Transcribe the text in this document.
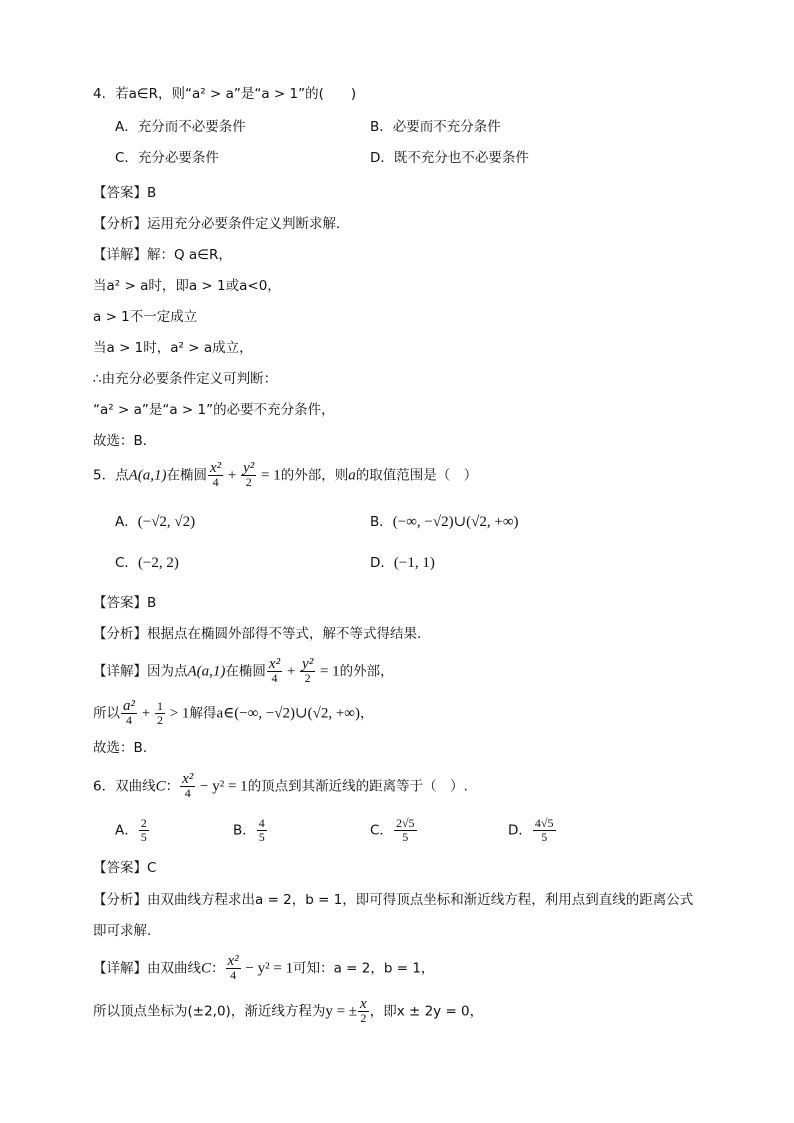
4．若a∈R，则“a² > a”是“a > 1”的(　　)
A．充分而不必要条件	B．必要而不充分条件
C．充分必要条件	D．既不充分也不必要条件
【答案】B
【分析】运用充分必要条件定义判断求解．
【详解】解：Q a∈R，
当a² > a时，即a > 1或a<0，
a > 1不一定成立
当a > 1时，a² > a成立，
∴由充分必要条件定义可判断：
“a² > a”是“a > 1”的必要不充分条件，
故选：B．
5．点A(a,1)在椭圆 $\frac{\text{x²}}{4} + \frac{\text{y²}}{2} = 1$的外部，则a的取值范围是（　）
A．(−√2, √2)	B．(−∞, −√2)∪(√2, +∞)
C．(−2, 2)	D．(−1, 1)
【答案】B
【分析】根据点在椭圆外部得不等式，解不等式得结果.
【详解】因为点A(a,1)在椭圆 $\frac{\text{x²}}{4} + \frac{\text{y²}}{2} = 1$的外部，
所以 $\frac{\text{a²}}{4} + \frac{1}{2} > 1$解得a∈(−∞, −√2)∪(√2, +∞)，
故选：B.
6．双曲线C： $\frac{\text{x²}}{4} - y^2 = 1$的顶点到其渐近线的距离等于（　）.
A． $\frac{2}{5}$	B． $\frac{4}{5}$	C． $\frac{2√5}{5}$	D． $\frac{4√5}{5}$
【答案】C
【分析】由双曲线方程求出a = 2，b = 1，即可得顶点坐标和渐近线方程，利用点到直线的距离公式
即可求解.
【详解】由双曲线C： $\frac{\text{x²}}{4} - y^2 = 1$可知：a = 2，b = 1，
所以顶点坐标为(±2,0)，渐近线方程为y = ± $\frac{x}{2}$ ，即x ± 2y = 0，
